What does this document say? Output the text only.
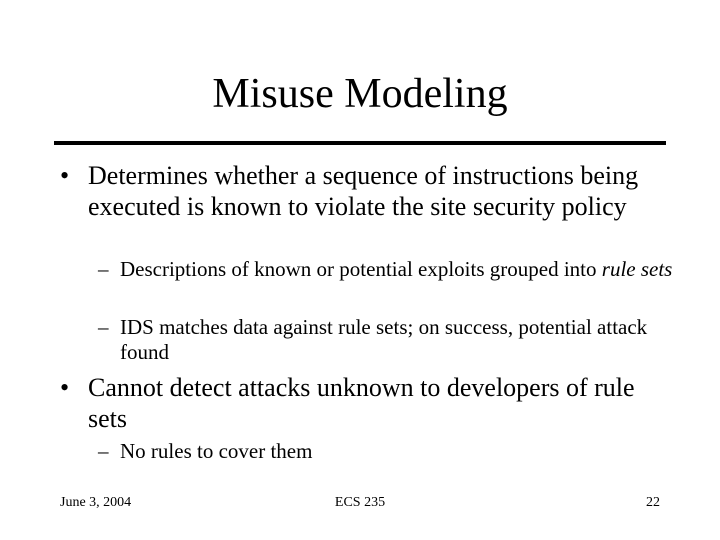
Misuse Modeling
• Determines whether a sequence of instructions being executed is known to violate the site security policy
– Descriptions of known or potential exploits grouped into rule sets
– IDS matches data against rule sets; on success, potential attack found
• Cannot detect attacks unknown to developers of rule sets
– No rules to cover them
June 3, 2004	ECS 235	22
